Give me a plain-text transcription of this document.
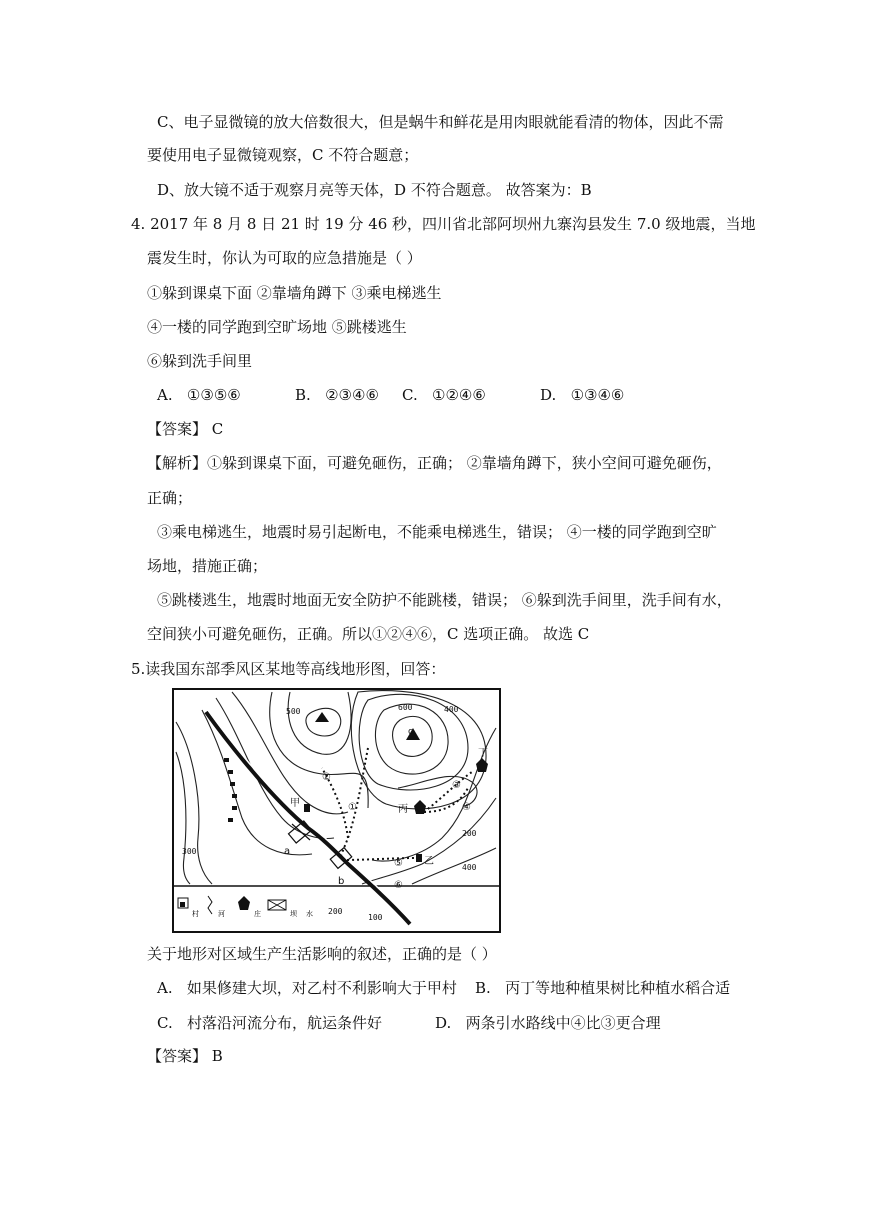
C、电子显微镜的放大倍数很大，但是蜗牛和鲜花是用肉眼就能看清的物体，因此不需
要使用电子显微镜观察，C 不符合题意；
D、放大镜不适于观察月亮等天体，D 不符合题意。 故答案为：B
4. 2017 年 8 月 8 日 21 时 19 分 46 秒，四川省北部阿坝州九寨沟县发生 7.0 级地震，当地
震发生时，你认为可取的应急措施是（ ）
①躲到课桌下面 ②靠墙角蹲下 ③乘电梯逃生
④一楼的同学跑到空旷场地 ⑤跳楼逃生
⑥躲到洗手间里
A. ①③⑤⑥	B. ②③④⑥ C. ①②④⑥	D. ①③④⑥
【答案】 C
【解析】①躲到课桌下面，可避免砸伤，正确； ②靠墙角蹲下，狭小空间可避免砸伤，
正确；
③乘电梯逃生，地震时易引起断电，不能乘电梯逃生，错误； ④一楼的同学跑到空旷
场地，措施正确；
⑤跳楼逃生，地震时地面无安全防护不能跳楼，错误； ⑥躲到洗手间里，洗手间有水，
空间狭小可避免砸伤，正确。所以①②④⑥，C 选项正确。 故选 C
5.读我国东部季风区某地等高线地形图，回答：
500	600	400
200
300
400
200
100
甲
乙
丙
丁
①
②
③
④
⑤
⑥
a
b
c
村	河	庄	坝 水
关于地形对区域生产生活影响的叙述，正确的是（ ）
A. 如果修建大坝，对乙村不利影响大于甲村 B. 丙丁等地种植果树比种植水稻合适
C. 村落沿河流分布，航运条件好	D. 两条引水路线中④比③更合理
【答案】 B
